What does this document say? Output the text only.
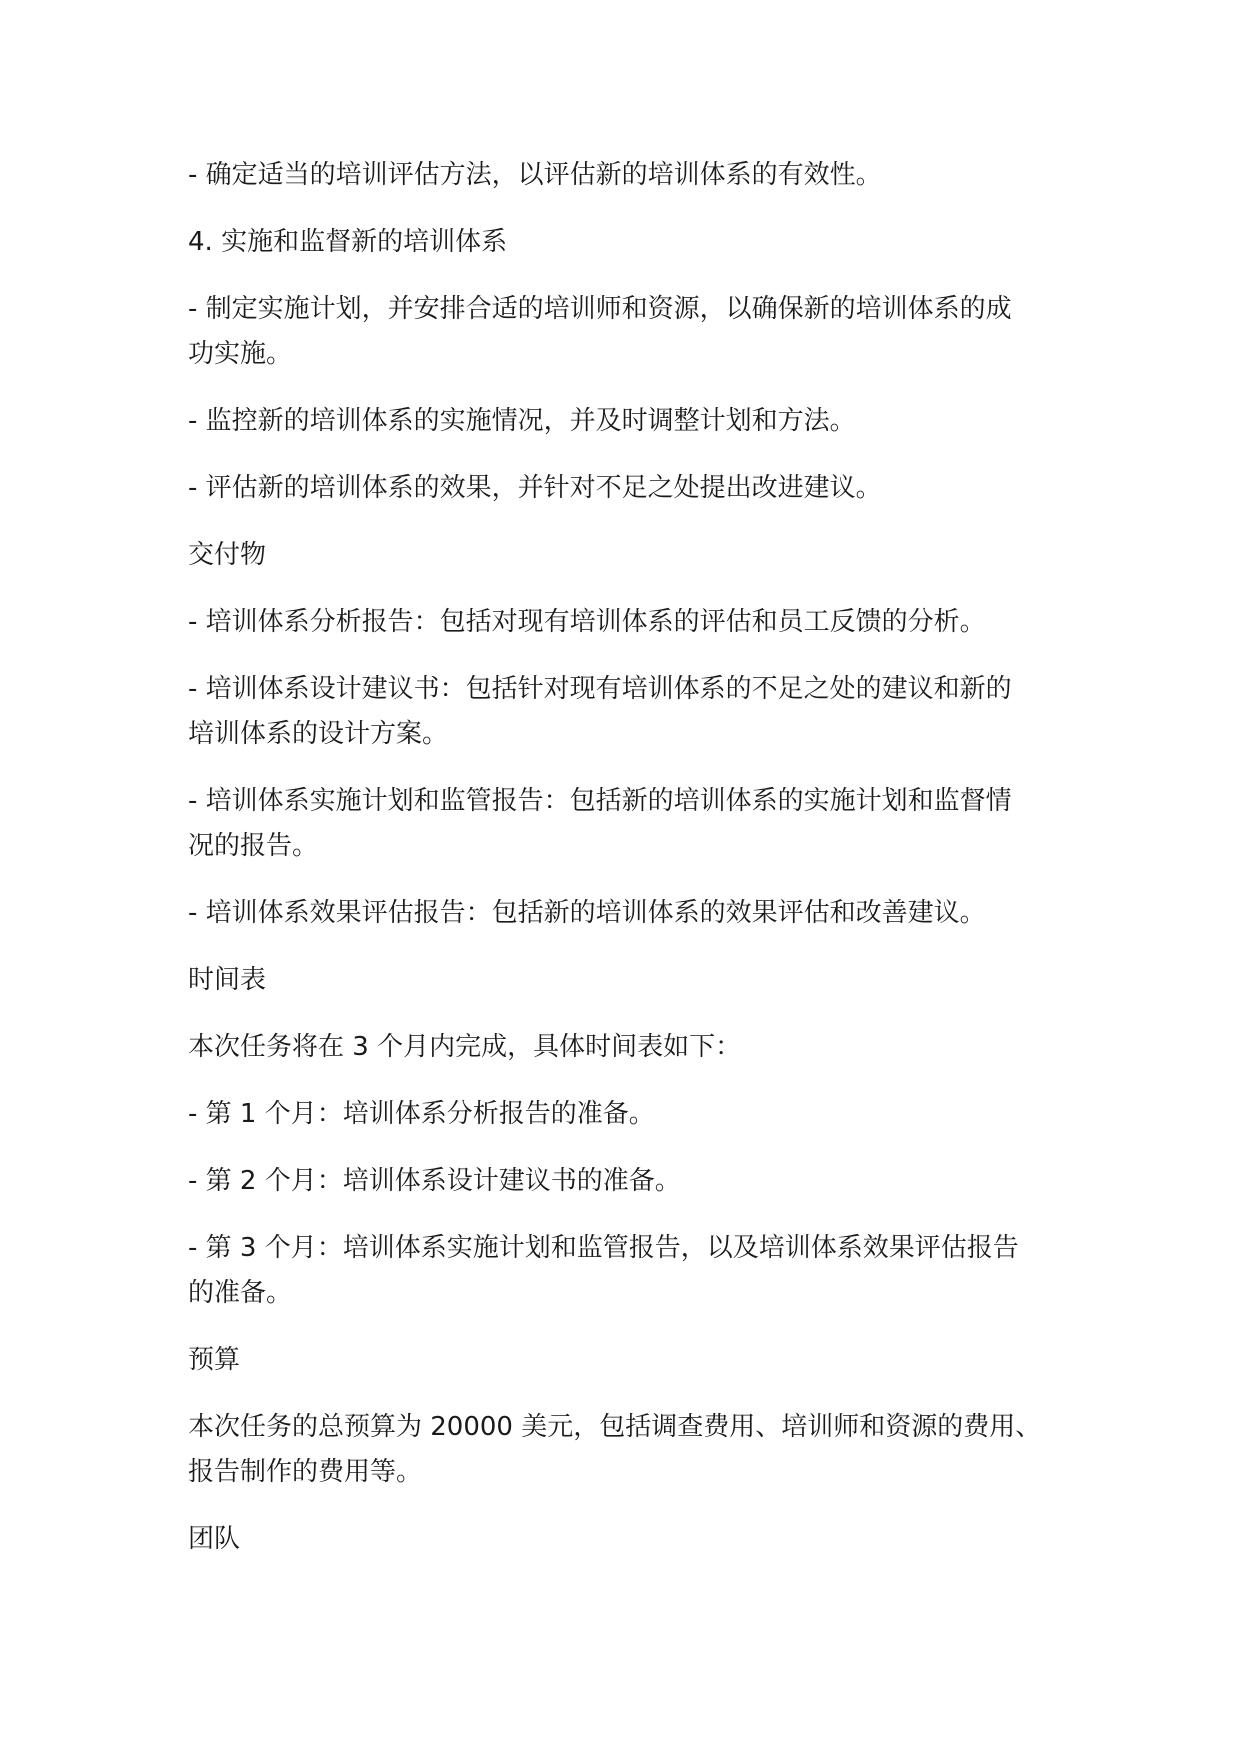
- 确定适当的培训评估方法，以评估新的培训体系的有效性。
4. 实施和监督新的培训体系
- 制定实施计划，并安排合适的培训师和资源，以确保新的培训体系的成
功实施。
- 监控新的培训体系的实施情况，并及时调整计划和方法。
- 评估新的培训体系的效果，并针对不足之处提出改进建议。
交付物
- 培训体系分析报告：包括对现有培训体系的评估和员工反馈的分析。
- 培训体系设计建议书：包括针对现有培训体系的不足之处的建议和新的
培训体系的设计方案。
- 培训体系实施计划和监管报告：包括新的培训体系的实施计划和监督情
况的报告。
- 培训体系效果评估报告：包括新的培训体系的效果评估和改善建议。
时间表
本次任务将在 3 个月内完成，具体时间表如下：
- 第 1 个月：培训体系分析报告的准备。
- 第 2 个月：培训体系设计建议书的准备。
- 第 3 个月：培训体系实施计划和监管报告，以及培训体系效果评估报告
的准备。
预算
本次任务的总预算为 20000 美元，包括调查费用、培训师和资源的费用、
报告制作的费用等。
团队
